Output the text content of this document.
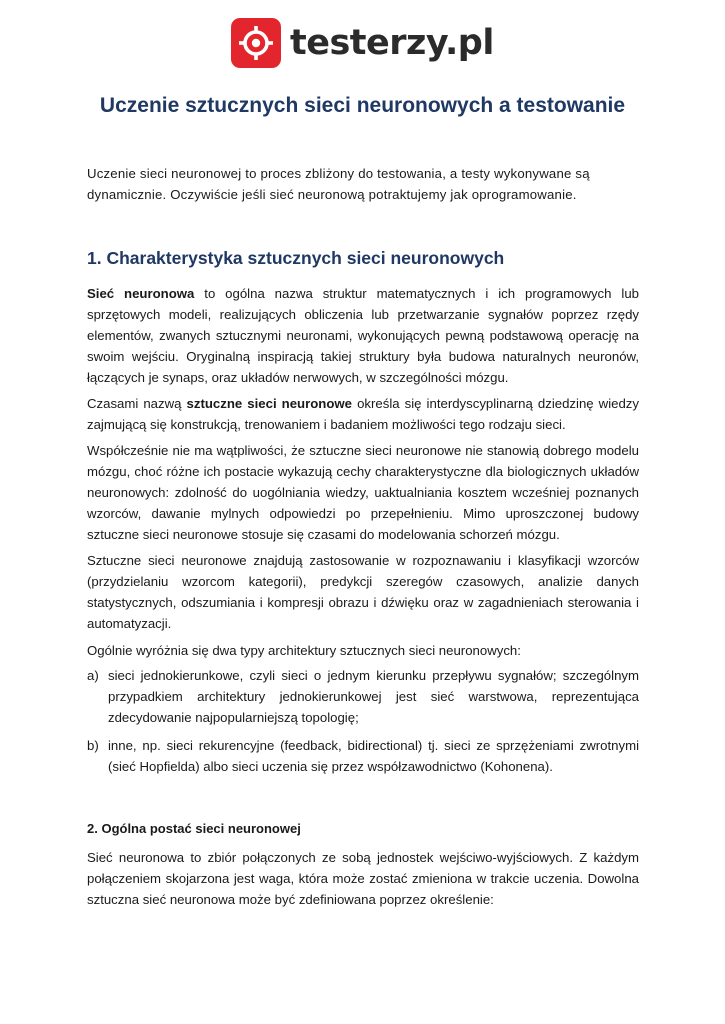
testerzy.pl
Uczenie sztucznych sieci neuronowych a testowanie

Uczenie sieci neuronowej to proces zbliżony do testowania, a testy wykonywane są dynamicznie. Oczywiście jeśli sieć neuronową potraktujemy jak oprogramowanie.

1. Charakterystyka sztucznych sieci neuronowych

Sieć neuronowa to ogólna nazwa struktur matematycznych i ich programowych lub sprzętowych modeli, realizujących obliczenia lub przetwarzanie sygnałów poprzez rzędy elementów, zwanych sztucznymi neuronami, wykonujących pewną podstawową operację na swoim wejściu. Oryginalną inspiracją takiej struktury była budowa naturalnych neuronów, łączących je synaps, oraz układów nerwowych, w szczególności mózgu.

Czasami nazwą sztuczne sieci neuronowe określa się interdyscyplinarną dziedzinę wiedzy zajmującą się konstrukcją, trenowaniem i badaniem możliwości tego rodzaju sieci.

Współcześnie nie ma wątpliwości, że sztuczne sieci neuronowe nie stanowią dobrego modelu mózgu, choć różne ich postacie wykazują cechy charakterystyczne dla biologicznych układów neuronowych: zdolność do uogólniania wiedzy, uaktualniania kosztem wcześniej poznanych wzorców, dawanie mylnych odpowiedzi po przepełnieniu. Mimo uproszczonej budowy sztuczne sieci neuronowe stosuje się czasami do modelowania schorzeń mózgu.

Sztuczne sieci neuronowe znajdują zastosowanie w rozpoznawaniu i klasyfikacji wzorców (przydzielaniu wzorcom kategorii), predykcji szeregów czasowych, analizie danych statystycznych, odszumiania i kompresji obrazu i dźwięku oraz w zagadnieniach sterowania i automatyzacji.

Ogólnie wyróżnia się dwa typy architektury sztucznych sieci neuronowych:

a) sieci jednokierunkowe, czyli sieci o jednym kierunku przepływu sygnałów; szczególnym przypadkiem architektury jednokierunkowej jest sieć warstwowa, reprezentująca zdecydowanie najpopularniejszą topologię;
b) inne, np. sieci rekurencyjne (feedback, bidirectional) tj. sieci ze sprzężeniami zwrotnymi (sieć Hopfielda) albo sieci uczenia się przez współzawodnictwo (Kohonena).
2. Ogólna postać sieci neuronowej

Sieć neuronowa to zbiór połączonych ze sobą jednostek wejściwo-wyjściowych. Z każdym połączeniem skojarzona jest waga, która może zostać zmieniona w trakcie uczenia. Dowolna sztuczna sieć neuronowa może być zdefiniowana poprzez określenie:
